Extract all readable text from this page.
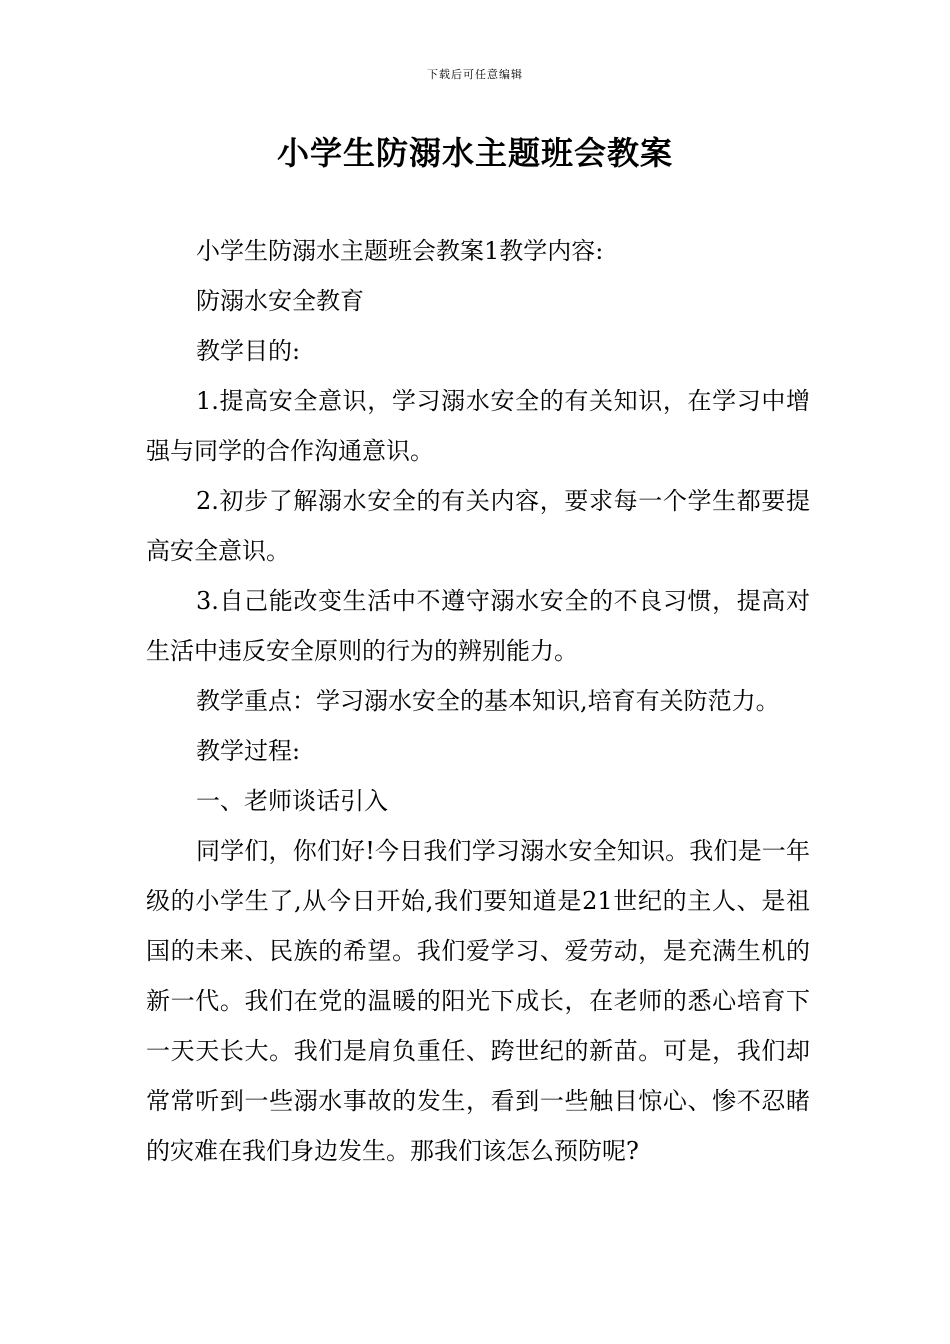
下载后可任意编辑
小学生防溺水主题班会教案

小学生防溺水主题班会教案1教学内容:

防溺水安全教育

教学目的:

1.提高安全意识，学习溺水安全的有关知识，在学习中增强与同学的合作沟通意识。

2.初步了解溺水安全的有关内容，要求每一个学生都要提高安全意识。

3.自己能改变生活中不遵守溺水安全的不良习惯，提高对生活中违反安全原则的行为的辨别能力。

教学重点：学习溺水安全的基本知识,培育有关防范力。

教学过程:

一、老师谈话引入

同学们，你们好!今日我们学习溺水安全知识。我们是一年级的小学生了,从今日开始,我们要知道是21世纪的主人、是祖国的未来、民族的希望。我们爱学习、爱劳动，是充满生机的新一代。我们在党的温暖的阳光下成长，在老师的悉心培育下一天天长大。我们是肩负重任、跨世纪的新苗。可是，我们却常常听到一些溺水事故的发生，看到一些触目惊心、惨不忍睹的灾难在我们身边发生。那我们该怎么预防呢?
